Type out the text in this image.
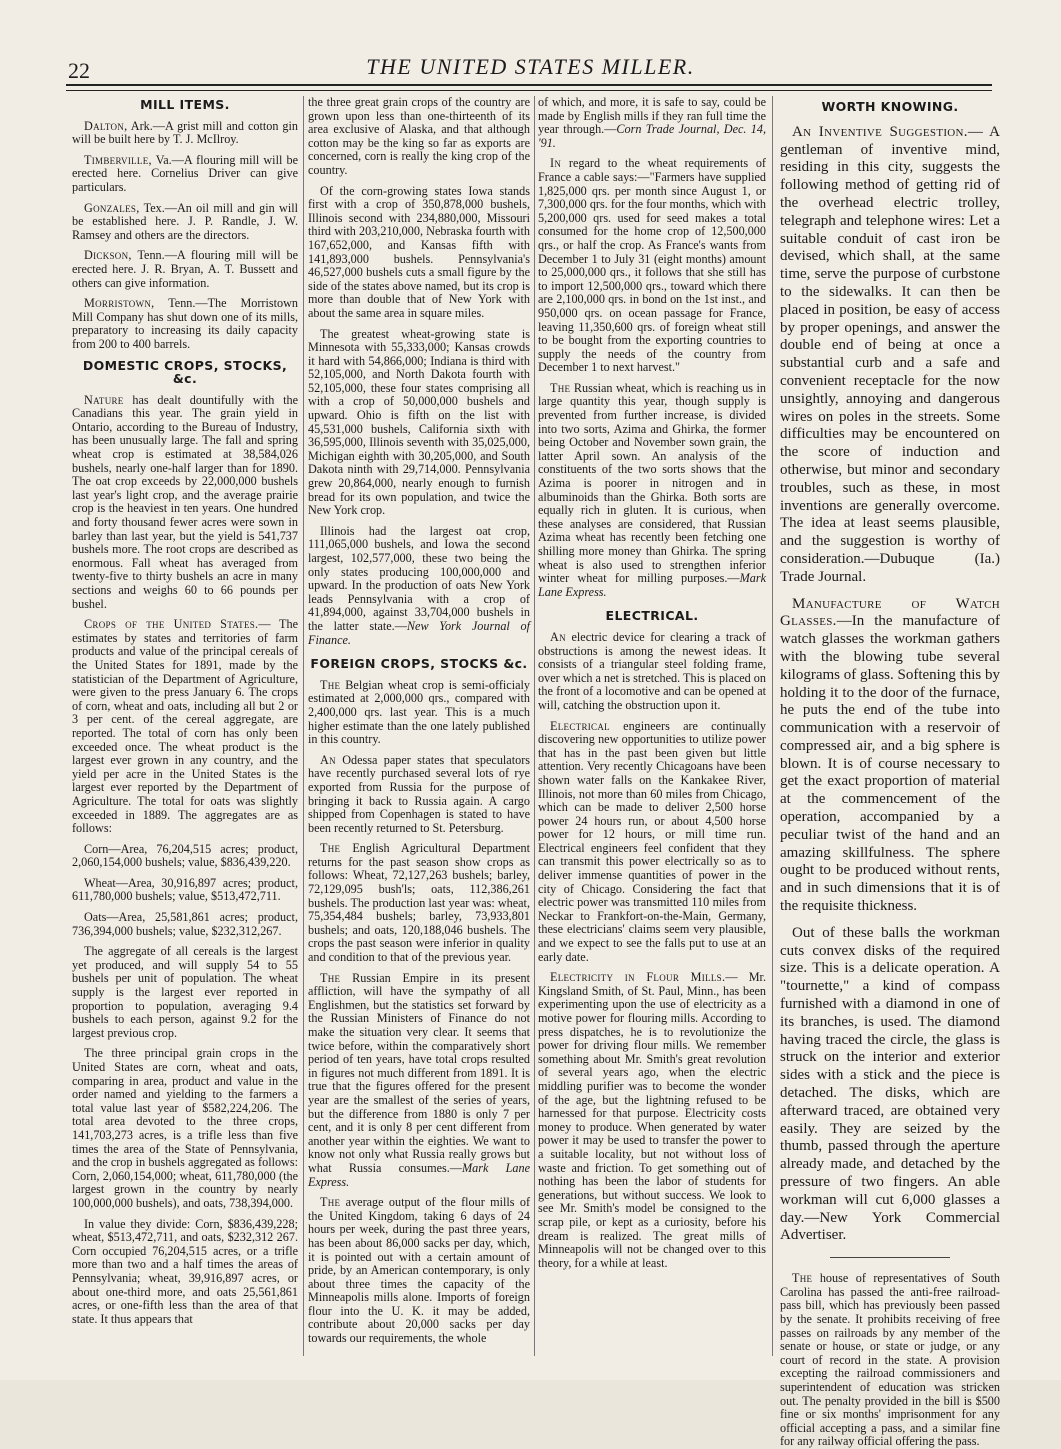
22	THE UNITED STATES MILLER.
MILL ITEMS.

Dalton, Ark.—A grist mill and cotton gin will be built here by T. J. McIlroy.

Timberville, Va.—A flouring mill will be erected here. Cornelius Driver can give particulars.

Gonzales, Tex.—An oil mill and gin will be established here. J. P. Randle, J. W. Ramsey and others are the directors.

Dickson, Tenn.—A flouring mill will be erected here. J. R. Bryan, A. T. Bussett and others can give information.

Morristown, Tenn.—The Morristown Mill Company has shut down one of its mills, preparatory to increasing its daily capacity from 200 to 400 barrels.

DOMESTIC CROPS, STOCKS, &c.

Nature has dealt dountifully with the Canadians this year. The grain yield in Ontario, according to the Bureau of Industry, has been unusually large. The fall and spring wheat crop is estimated at 38,584,026 bushels, nearly one-half larger than for 1890. The oat crop exceeds by 22,000,000 bushels last year's light crop, and the average prairie crop is the heaviest in ten years. One hundred and forty thousand fewer acres were sown in barley than last year, but the yield is 541,737 bushels more. The root crops are described as enormous. Fall wheat has averaged from twenty-five to thirty bushels an acre in many sections and weighs 60 to 66 pounds per bushel.

Crops of the United States.— The estimates by states and territories of farm products and value of the principal cereals of the United States for 1891, made by the statistician of the Department of Agriculture, were given to the press January 6. The crops of corn, wheat and oats, including all but 2 or 3 per cent. of the cereal aggregate, are reported. The total of corn has only been exceeded once. The wheat product is the largest ever grown in any country, and the yield per acre in the United States is the largest ever reported by the Department of Agriculture. The total for oats was slightly exceeded in 1889. The aggregates are as follows:

Corn—Area, 76,204,515 acres; product, 2,060,154,000 bushels; value, $836,439,220.

Wheat—Area, 30,916,897 acres; product, 611,780,000 bushels; value, $513,472,711.

Oats—Area, 25,581,861 acres; product, 736,394,000 bushels; value, $232,312,267.

The aggregate of all cereals is the largest yet produced, and will supply 54 to 55 bushels per unit of population. The wheat supply is the largest ever reported in proportion to population, averaging 9.4 bushels to each person, against 9.2 for the largest previous crop.

The three principal grain crops in the United States are corn, wheat and oats, comparing in area, product and value in the order named and yielding to the farmers a total value last year of $582,224,206. The total area devoted to the three crops, 141,703,273 acres, is a trifle less than five times the area of the State of Pennsylvania, and the crop in bushels aggregated as follows: Corn, 2,060,154,000; wheat, 611,780,000 (the largest grown in the country by nearly 100,000,000 bushels), and oats, 738,394,000.

In value they divide: Corn, $836,439,228; wheat, $513,472,711, and oats, $232,312 267. Corn occupied 76,204,515 acres, or a trifle more than two and a half times the areas of Pennsylvania; wheat, 39,916,897 acres, or about one-third more, and oats 25,561,861 acres, or one-fifth less than the area of that state. It thus appears that

the three great grain crops of the country are grown upon less than one-thirteenth of its area exclusive of Alaska, and that although cotton may be the king so far as exports are concerned, corn is really the king crop of the country.

Of the corn-growing states Iowa stands first with a crop of 350,878,000 bushels, Illinois second with 234,880,000, Missouri third with 203,210,000, Nebraska fourth with 167,652,000, and Kansas fifth with 141,893,000 bushels. Pennsylvania's 46,527,000 bushels cuts a small figure by the side of the states above named, but its crop is more than double that of New York with about the same area in square miles.

The greatest wheat-growing state is Minnesota with 55,333,000; Kansas crowds it hard with 54,866,000; Indiana is third with 52,105,000, and North Dakota fourth with 52,105,000, these four states comprising all with a crop of 50,000,000 bushels and upward. Ohio is fifth on the list with 45,531,000 bushels, California sixth with 36,595,000, Illinois seventh with 35,025,000, Michigan eighth with 30,205,000, and South Dakota ninth with 29,714,000. Pennsylvania grew 20,864,000, nearly enough to furnish bread for its own population, and twice the New York crop.

Illinois had the largest oat crop, 111,065,000 bushels, and Iowa the second largest, 102,577,000, these two being the only states producing 100,000,000 and upward. In the production of oats New York leads Pennsylvania with a crop of 41,894,000, against 33,704,000 bushels in the latter state.—New York Journal of Finance.

FOREIGN CROPS, STOCKS &c.

The Belgian wheat crop is semi-officialy estimated at 2,000,000 qrs., compared with 2,400,000 qrs. last year. This is a much higher estimate than the one lately published in this country.

An Odessa paper states that speculators have recently purchased several lots of rye exported from Russia for the purpose of bringing it back to Russia again. A cargo shipped from Copenhagen is stated to have been recently returned to St. Petersburg.

The English Agricultural Department returns for the past season show crops as follows: Wheat, 72,127,263 bushels; barley, 72,129,095 bush'ls; oats, 112,386,261 bushels. The production last year was: wheat, 75,354,484 bushels; barley, 73,933,801 bushels; and oats, 120,188,046 bushels. The crops the past season were inferior in quality and condition to that of the previous year.

The Russian Empire in its present affliction, will have the sympathy of all Englishmen, but the statistics set forward by the Russian Ministers of Finance do not make the situation very clear. It seems that twice before, within the comparatively short period of ten years, have total crops resulted in figures not much different from 1891. It is true that the figures offered for the present year are the smallest of the series of years, but the difference from 1880 is only 7 per cent, and it is only 8 per cent different from another year within the eighties. We want to know not only what Russia really grows but what Russia consumes.—Mark Lane Express.

The average output of the flour mills of the United Kingdom, taking 6 days of 24 hours per week, during the past three years, has been about 86,000 sacks per day, which, it is pointed out with a certain amount of pride, by an American contemporary, is only about three times the capacity of the Minneapolis mills alone. Imports of foreign flour into the U. K. it may be added, contribute about 20,000 sacks per day towards our requirements, the whole

of which, and more, it is safe to say, could be made by English mills if they ran full time the year through.—Corn Trade Journal, Dec. 14, '91.

In regard to the wheat requirements of France a cable says:—"Farmers have supplied 1,825,000 qrs. per month since August 1, or 7,300,000 qrs. for the four months, which with 5,200,000 qrs. used for seed makes a total consumed for the home crop of 12,500,000 qrs., or half the crop. As France's wants from December 1 to July 31 (eight months) amount to 25,000,000 qrs., it follows that she still has to import 12,500,000 qrs., toward which there are 2,100,000 qrs. in bond on the 1st inst., and 950,000 qrs. on ocean passage for France, leaving 11,350,600 qrs. of foreign wheat still to be bought from the exporting countries to supply the needs of the country from December 1 to next harvest."

The Russian wheat, which is reaching us in large quantity this year, though supply is prevented from further increase, is divided into two sorts, Azima and Ghirka, the former being October and November sown grain, the latter April sown. An analysis of the constituents of the two sorts shows that the Azima is poorer in nitrogen and in albuminoids than the Ghirka. Both sorts are equally rich in gluten. It is curious, when these analyses are considered, that Russian Azima wheat has recently been fetching one shilling more money than Ghirka. The spring wheat is also used to strengthen inferior winter wheat for milling purposes.—Mark Lane Express.

ELECTRICAL.

An electric device for clearing a track of obstructions is among the newest ideas. It consists of a triangular steel folding frame, over which a net is stretched. This is placed on the front of a locomotive and can be opened at will, catching the obstruction upon it.

Electrical engineers are continually discovering new opportunities to utilize power that has in the past been given but little attention. Very recently Chicagoans have been shown water falls on the Kankakee River, Illinois, not more than 60 miles from Chicago, which can be made to deliver 2,500 horse power 24 hours run, or about 4,500 horse power for 12 hours, or mill time run. Electrical engineers feel confident that they can transmit this power electrically so as to deliver immense quantities of power in the city of Chicago. Considering the fact that electric power was transmitted 110 miles from Neckar to Frankfort-on-the-Main, Germany, these electricians' claims seem very plausible, and we expect to see the falls put to use at an early date.

Electricity in Flour Mills.— Mr. Kingsland Smith, of St. Paul, Minn., has been experimenting upon the use of electricity as a motive power for flouring mills. According to press dispatches, he is to revolutionize the power for driving flour mills. We remember something about Mr. Smith's great revolution of several years ago, when the electric middling purifier was to become the wonder of the age, but the lightning refused to be harnessed for that purpose. Electricity costs money to produce. When generated by water power it may be used to transfer the power to a suitable locality, but not without loss of waste and friction. To get something out of nothing has been the labor of students for generations, but without success. We look to see Mr. Smith's model be consigned to the scrap pile, or kept as a curiosity, before his dream is realized. The great mills of Minneapolis will not be changed over to this theory, for a while at least.

WORTH KNOWING.

An Inventive Suggestion.— A gentleman of inventive mind, residing in this city, suggests the following method of getting rid of the overhead electric trolley, telegraph and telephone wires: Let a suitable conduit of cast iron be devised, which shall, at the same time, serve the purpose of curbstone to the sidewalks. It can then be placed in position, be easy of access by proper openings, and answer the double end of being at once a substantial curb and a safe and convenient receptacle for the now unsightly, annoying and dangerous wires on poles in the streets. Some difficulties may be encountered on the score of induction and otherwise, but minor and secondary troubles, such as these, in most inventions are generally overcome. The idea at least seems plausible, and the suggestion is worthy of consideration.—Dubuque (Ia.) Trade Journal.

Manufacture of Watch Glasses.—In the manufacture of watch glasses the workman gathers with the blowing tube several kilograms of glass. Softening this by holding it to the door of the furnace, he puts the end of the tube into communication with a reservoir of compressed air, and a big sphere is blown. It is of course necessary to get the exact proportion of material at the commencement of the operation, accompanied by a peculiar twist of the hand and an amazing skillfulness. The sphere ought to be produced without rents, and in such dimensions that it is of the requisite thickness.

Out of these balls the workman cuts convex disks of the required size. This is a delicate operation. A "tournette," a kind of compass furnished with a diamond in one of its branches, is used. The diamond having traced the circle, the glass is struck on the interior and exterior sides with a stick and the piece is detached. The disks, which are afterward traced, are obtained very easily. They are seized by the thumb, passed through the aperture already made, and detached by the pressure of two fingers. An able workman will cut 6,000 glasses a day.—New York Commercial Advertiser.

The house of representatives of South Carolina has passed the anti-free railroad-pass bill, which has previously been passed by the senate. It prohibits receiving of free passes on railroads by any member of the senate or house, or state or judge, or any court of record in the state. A provision excepting the railroad commissioners and superintendent of education was stricken out. The penalty provided in the bill is $500 fine or six months' imprisonment for any official accepting a pass, and a similar fine for any railway official offering the pass.
